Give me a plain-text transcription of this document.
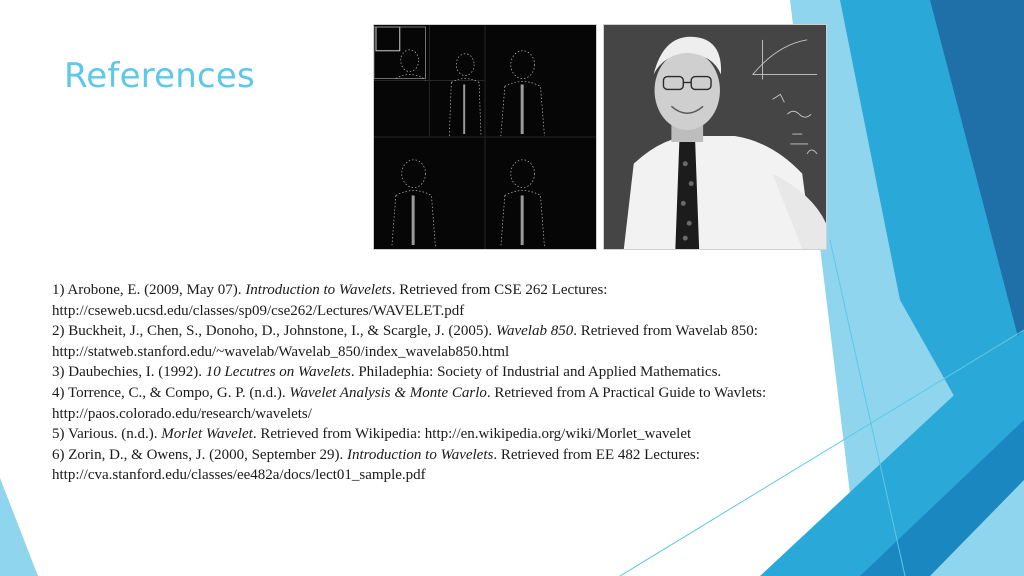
References

1) Arobone, E. (2009, May 07). Introduction to Wavelets. Retrieved from CSE 262 Lectures: http://cseweb.ucsd.edu/classes/sp09/cse262/Lectures/WAVELET.pdf

2) Buckheit, J., Chen, S., Donoho, D., Johnstone, I., & Scargle, J. (2005). Wavelab 850. Retrieved from Wavelab 850: http://statweb.stanford.edu/~wavelab/Wavelab_850/index_wavelab850.html

3) Daubechies, I. (1992). 10 Lecutres on Wavelets. Philadephia: Society of Industrial and Applied Mathematics.

4) Torrence, C., & Compo, G. P. (n.d.). Wavelet Analysis & Monte Carlo. Retrieved from A Practical Guide to Wavlets: http://paos.colorado.edu/research/wavelets/

5) Various. (n.d.). Morlet Wavelet. Retrieved from Wikipedia: http://en.wikipedia.org/wiki/Morlet_wavelet

6) Zorin, D., & Owens, J. (2000, September 29). Introduction to Wavelets. Retrieved from EE 482 Lectures: http://cva.stanford.edu/classes/ee482a/docs/lect01_sample.pdf
